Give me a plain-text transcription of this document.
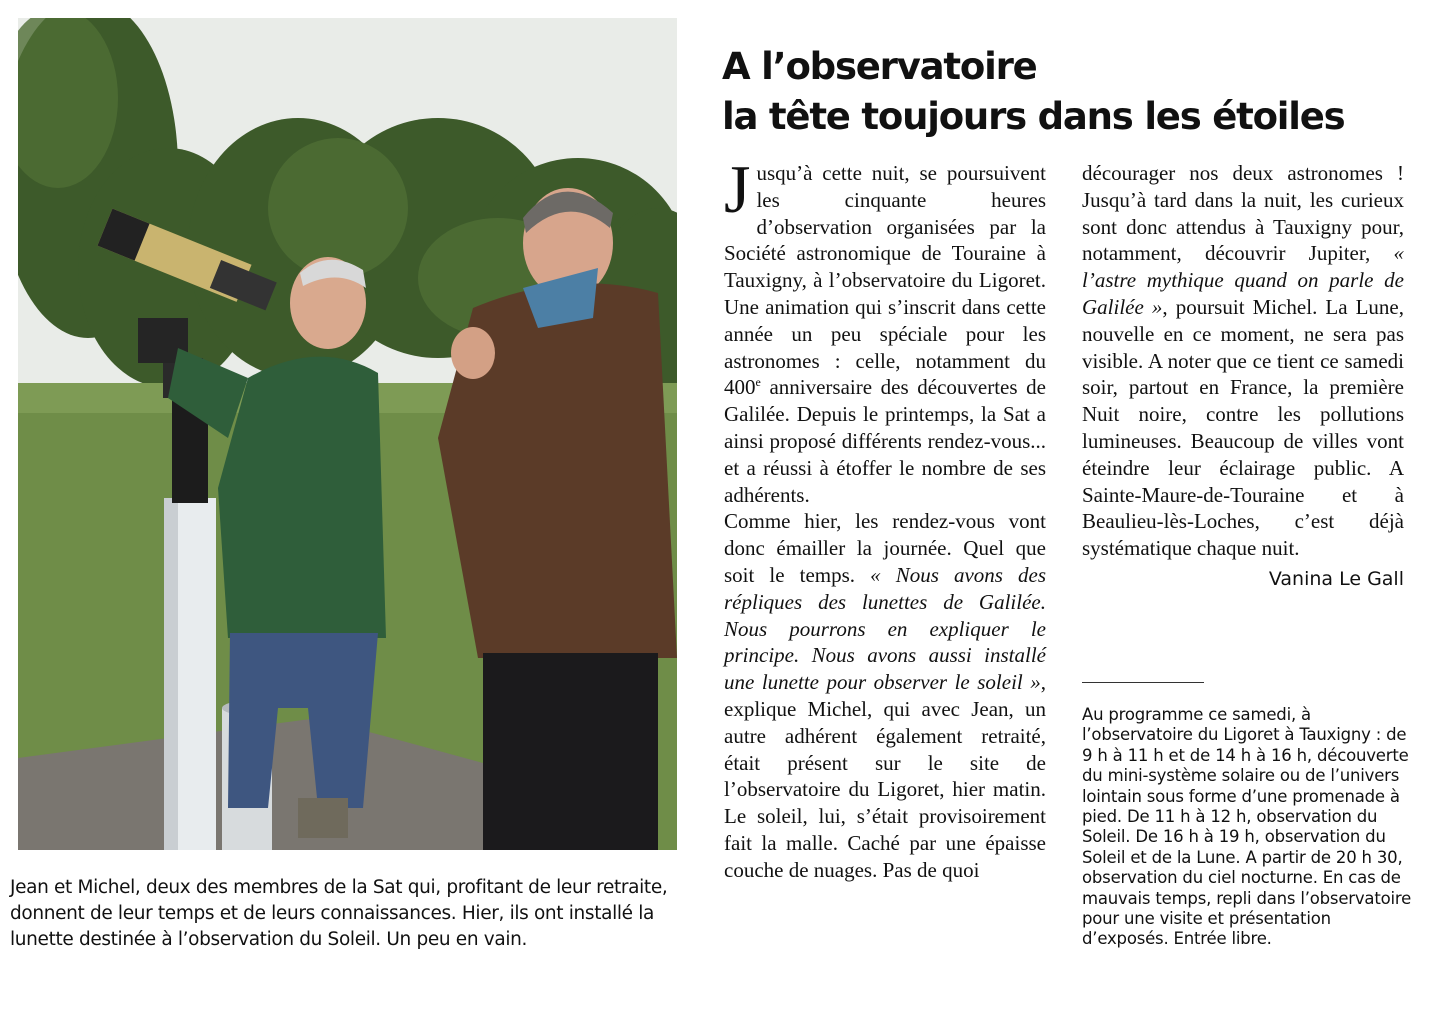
Jean et Michel, deux des membres de la Sat qui, profitant de leur retraite, donnent de leur temps et de leurs connaissances. Hier, ils ont installé la lunette destinée à l’observation du Soleil. Un peu en vain.

A l’observatoire
la tête toujours dans les étoiles

Jusqu’à cette nuit, se poursuivent les cinquante heures d’observation organisées par la Société astronomique de Touraine à Tauxigny, à l’observatoire du Ligoret. Une animation qui s’inscrit dans cette année un peu spéciale pour les astronomes : celle, notamment du 400e anniversaire des découvertes de Galilée. Depuis le printemps, la Sat a ainsi proposé différents rendez-vous... et a réussi à étoffer le nombre de ses adhérents.

Comme hier, les rendez-vous vont donc émailler la journée. Quel que soit le temps. « Nous avons des répliques des lunettes de Galilée. Nous pourrons en expliquer le principe. Nous avons aussi installé une lunette pour observer le soleil », explique Michel, qui avec Jean, un autre adhérent également retraité, était présent sur le site de l’observatoire du Ligoret, hier matin. Le soleil, lui, s’était provisoirement fait la malle. Caché par une épaisse couche de nuages. Pas de quoi

décourager nos deux astronomes ! Jusqu’à tard dans la nuit, les curieux sont donc attendus à Tauxigny pour, notamment, découvrir Jupiter, « l’astre mythique quand on parle de Galilée », poursuit Michel. La Lune, nouvelle en ce moment, ne sera pas visible. A noter que ce tient ce samedi soir, partout en France, la première Nuit noire, contre les pollutions lumineuses. Beaucoup de villes vont éteindre leur éclairage public. A Sainte-Maure-de-Touraine et à Beaulieu-lès-Loches, c’est déjà systématique chaque nuit.

Vanina Le Gall

Au programme ce samedi, à l’observatoire du Ligoret à Tauxigny : de 9 h à 11 h et de 14 h à 16 h, découverte du mini-système solaire ou de l’univers lointain sous forme d’une promenade à pied. De 11 h à 12 h, observation du Soleil. De 16 h à 19 h, observation du Soleil et de la Lune. A partir de 20 h 30, observation du ciel nocturne. En cas de mauvais temps, repli dans l’observatoire pour une visite et présentation d’exposés. Entrée libre.
